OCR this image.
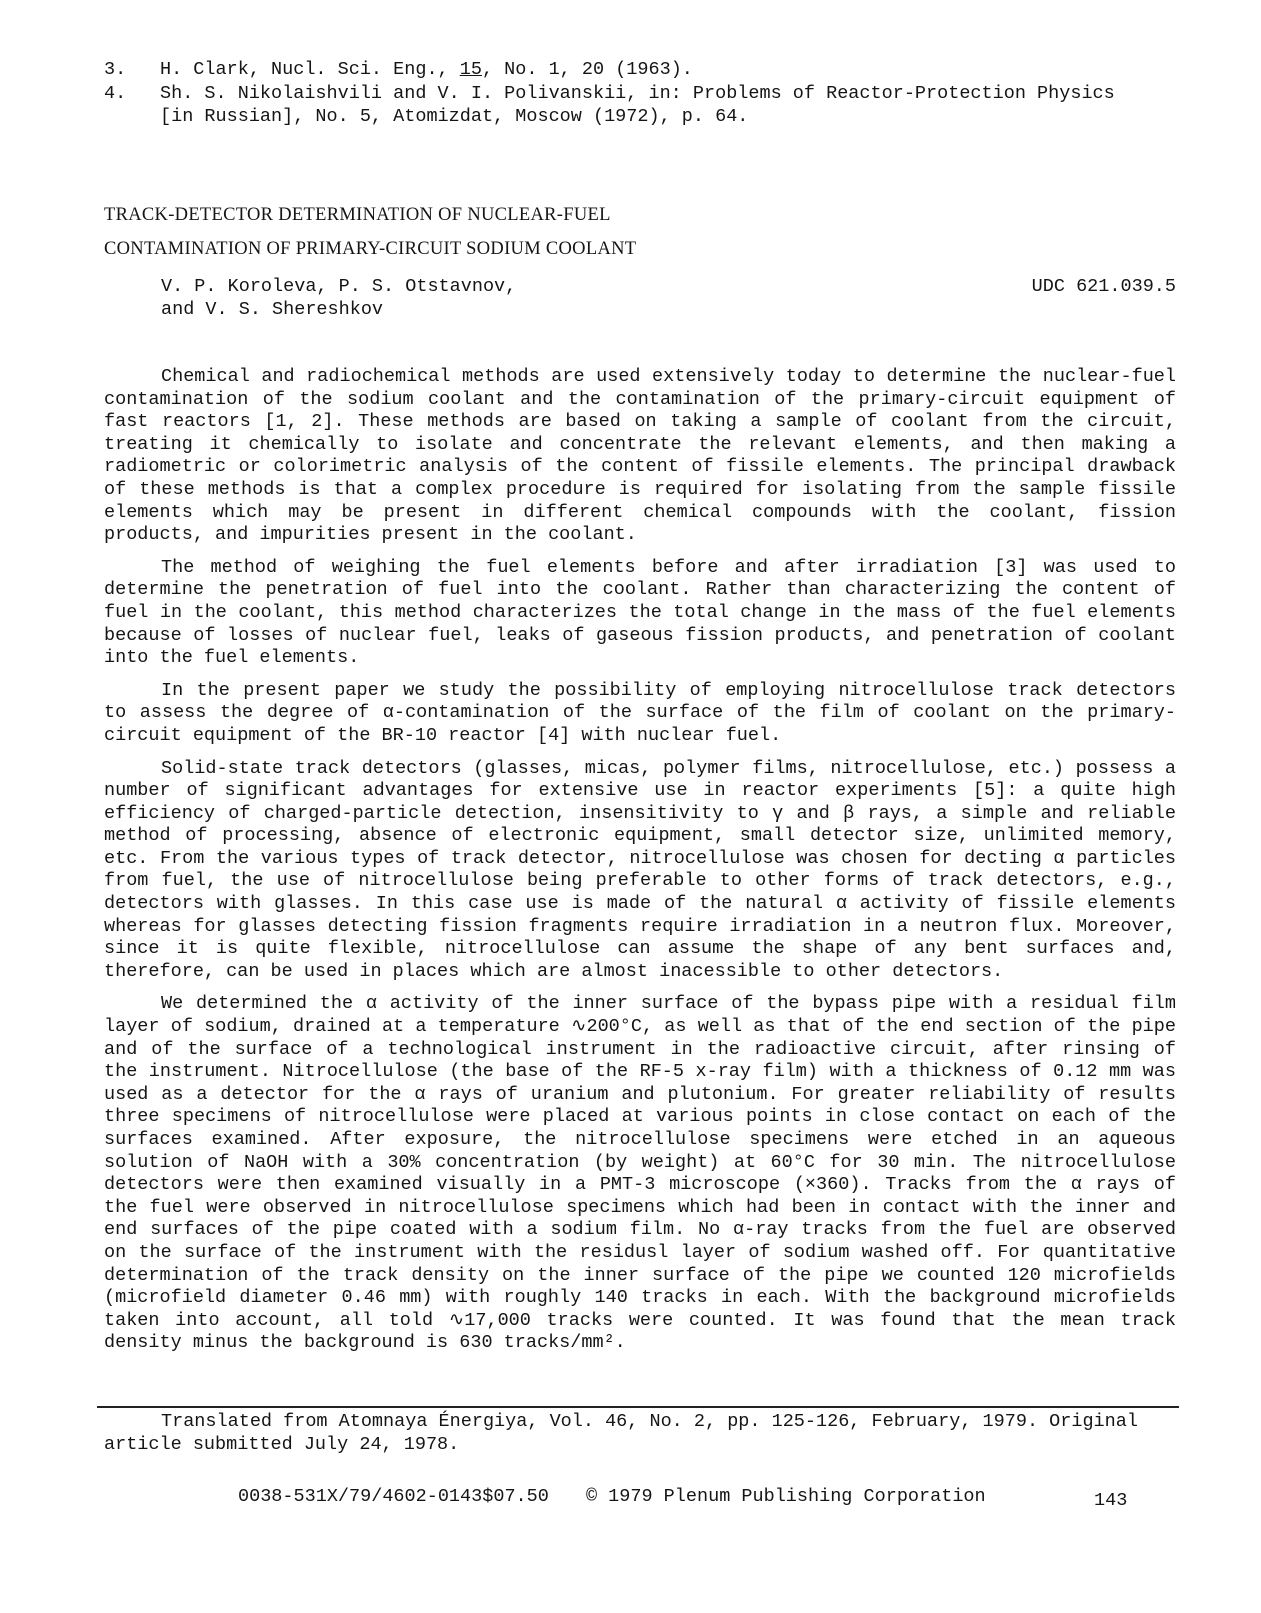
3.	H. Clark, Nucl. Sci. Eng., 15, No. 1, 20 (1963).
4.	Sh. S. Nikolaishvili and V. I. Polivanskii, in: Problems of Reactor-Protection Physics
[in Russian], No. 5, Atomizdat, Moscow (1972), p. 64.
TRACK-DETECTOR DETERMINATION OF NUCLEAR-FUEL
CONTAMINATION OF PRIMARY-CIRCUIT SODIUM COOLANT
V. P. Koroleva, P. S. Otstavnov,
and V. S. Shereshkov
UDC 621.039.5

Chemical and radiochemical methods are used extensively today to determine the nuclear-fuel contamination of the sodium coolant and the contamination of the primary-circuit equipment of fast reactors [1, 2]. These methods are based on taking a sample of coolant from the circuit, treating it chemically to isolate and concentrate the relevant elements, and then making a radiometric or colorimetric analysis of the content of fissile elements. The principal drawback of these methods is that a complex procedure is required for isolating from the sample fissile elements which may be present in different chemical compounds with the coolant, fission products, and impurities present in the coolant.

The method of weighing the fuel elements before and after irradiation [3] was used to determine the penetration of fuel into the coolant. Rather than characterizing the content of fuel in the coolant, this method characterizes the total change in the mass of the fuel elements because of losses of nuclear fuel, leaks of gaseous fission products, and penetration of coolant into the fuel elements.

In the present paper we study the possibility of employing nitrocellulose track detectors to assess the degree of α-contamination of the surface of the film of coolant on the primary-circuit equipment of the BR-10 reactor [4] with nuclear fuel.

Solid-state track detectors (glasses, micas, polymer films, nitrocellulose, etc.) possess a number of significant advantages for extensive use in reactor experiments [5]: a quite high efficiency of charged-particle detection, insensitivity to γ and β rays, a simple and reliable method of processing, absence of electronic equipment, small detector size, unlimited memory, etc. From the various types of track detector, nitrocellulose was chosen for decting α particles from fuel, the use of nitrocellulose being preferable to other forms of track detectors, e.g., detectors with glasses. In this case use is made of the natural α activity of fissile elements whereas for glasses detecting fission fragments require irradiation in a neutron flux. Moreover, since it is quite flexible, nitrocellulose can assume the shape of any bent surfaces and, therefore, can be used in places which are almost inacessible to other detectors.

We determined the α activity of the inner surface of the bypass pipe with a residual film layer of sodium, drained at a temperature ∿200°C, as well as that of the end section of the pipe and of the surface of a technological instrument in the radioactive circuit, after rinsing of the instrument. Nitrocellulose (the base of the RF-5 x-ray film) with a thickness of 0.12 mm was used as a detector for the α rays of uranium and plutonium. For greater reliability of results three specimens of nitrocellulose were placed at various points in close contact on each of the surfaces examined. After exposure, the nitrocellulose specimens were etched in an aqueous solution of NaOH with a 30% concentration (by weight) at 60°C for 30 min. The nitrocellulose detectors were then examined visually in a PMT-3 microscope (×360). Tracks from the α rays of the fuel were observed in nitrocellulose specimens which had been in contact with the inner and end surfaces of the pipe coated with a sodium film. No α-ray tracks from the fuel are observed on the surface of the instrument with the residusl layer of sodium washed off. For quantitative determination of the track density on the inner surface of the pipe we counted 120 microfields (microfield diameter 0.46 mm) with roughly 140 tracks in each. With the background microfields taken into account, all told ∿17,000 tracks were counted. It was found that the mean track density minus the background is 630 tracks/mm².

Translated from Atomnaya Énergiya, Vol. 46, No. 2, pp. 125-126, February, 1979. Original article submitted July 24, 1978.
0038-531X/79/4602-0143$07.50 © 1979 Plenum Publishing Corporation	143
